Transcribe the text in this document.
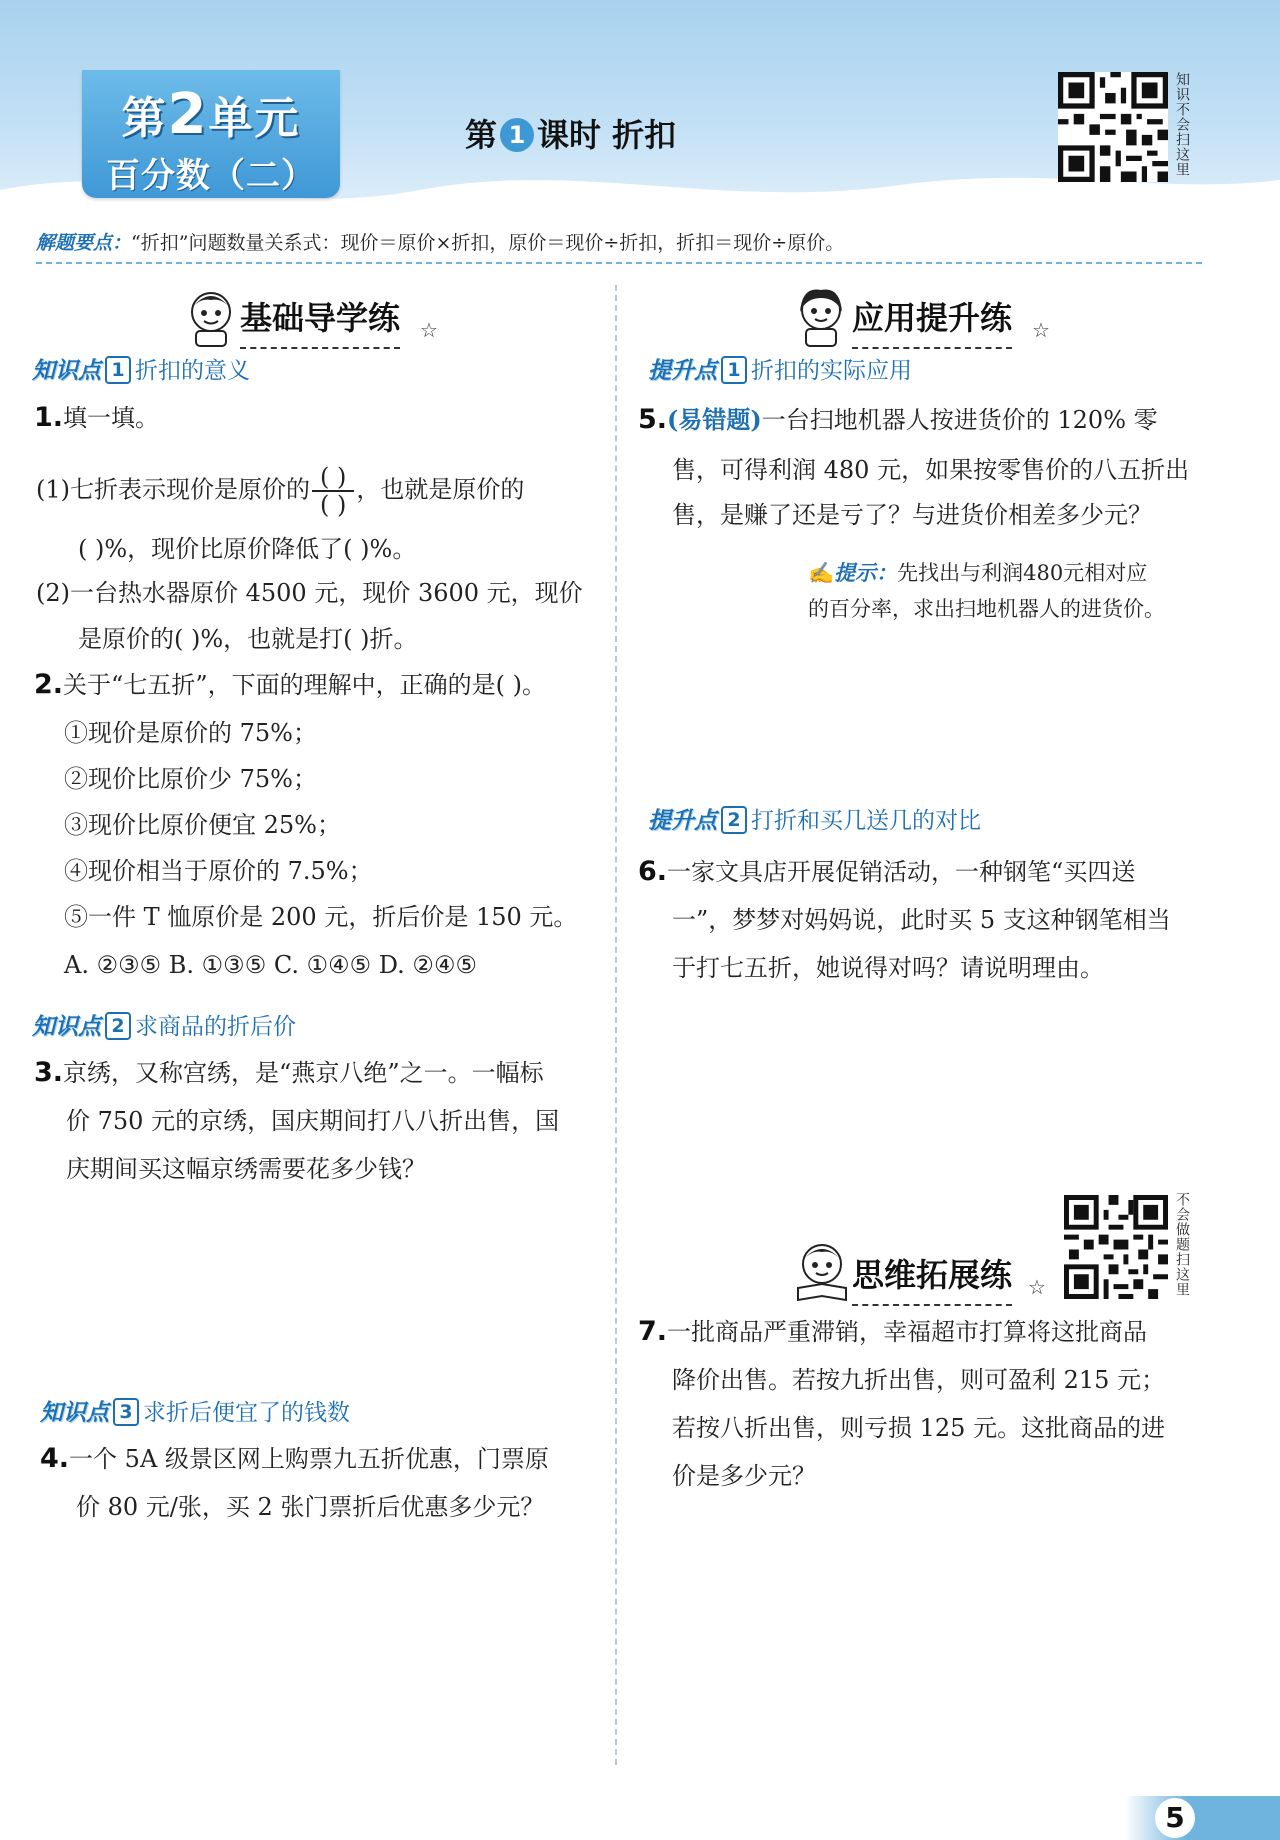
第2单元
百分数（二）
第 1 课时 折扣	知识不会扫这里
解题要点：“折扣”问题数量关系式：现价＝原价×折扣，原价＝现价÷折扣，折扣＝现价÷原价。
基础导学练 ☆
知识点 1 折扣的意义
1.填一填。
(1)七折表示现价是原价的 $\frac{( )}{( )}$ ，也就是原价的
( )%，现价比原价降低了( )%。
(2)一台热水器原价 4500 元，现价 3600 元，现价
是原价的( )%，也就是打( )折。
2.关于“七五折”，下面的理解中，正确的是( )。
①现价是原价的 75%；
②现价比原价少 75%；
③现价比原价便宜 25%；
④现价相当于原价的 7.5%；
⑤一件 T 恤原价是 200 元，折后价是 150 元。
A. ②③⑤ B. ①③⑤ C. ①④⑤ D. ②④⑤
知识点 2 求商品的折后价
3.京绣，又称宫绣，是“燕京八绝”之一。一幅标
价 750 元的京绣，国庆期间打八八折出售，国
庆期间买这幅京绣需要花多少钱？
知识点 3 求折后便宜了的钱数
4.一个 5A 级景区网上购票九五折优惠，门票原
价 80 元/张，买 2 张门票折后优惠多少元？
应用提升练 ☆
提升点 1 折扣的实际应用
5.(易错题)一台扫地机器人按进货价的 120% 零
售，可得利润 480 元，如果按零售价的八五折出
售，是赚了还是亏了？与进货价相差多少元？
✍提示：先找出与利润480元相对应
的百分率，求出扫地机器人的进货价。
提升点 2 打折和买几送几的对比
6.一家文具店开展促销活动，一种钢笔“买四送
一”，梦梦对妈妈说，此时买 5 支这种钢笔相当
于打七五折，她说得对吗？请说明理由。
思维拓展练 ☆	不会做题扫这里
7.一批商品严重滞销，幸福超市打算将这批商品
降价出售。若按九折出售，则可盈利 215 元；
若按八折出售，则亏损 125 元。这批商品的进
价是多少元？
5
